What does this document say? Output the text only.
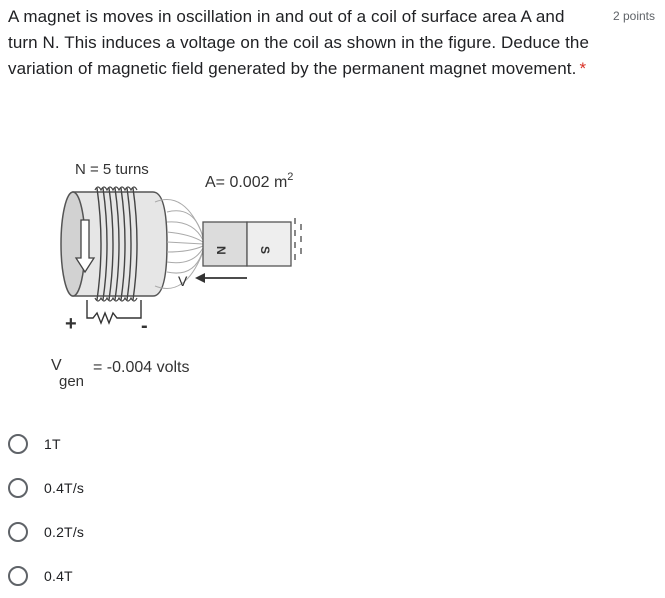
A magnet is moves in oscillation in and out of a coil of surface area A and turn N. This induces a voltage on the coil as shown in the figure. Deduce the variation of magnetic field generated by the permanent magnet movement. *
2 points
N = 5 turns
A= 0.002 $m^2$
N	S
V
+	-
V
gen
= -0.004 volts
1T
0.4T/s
0.2T/s
0.4T
